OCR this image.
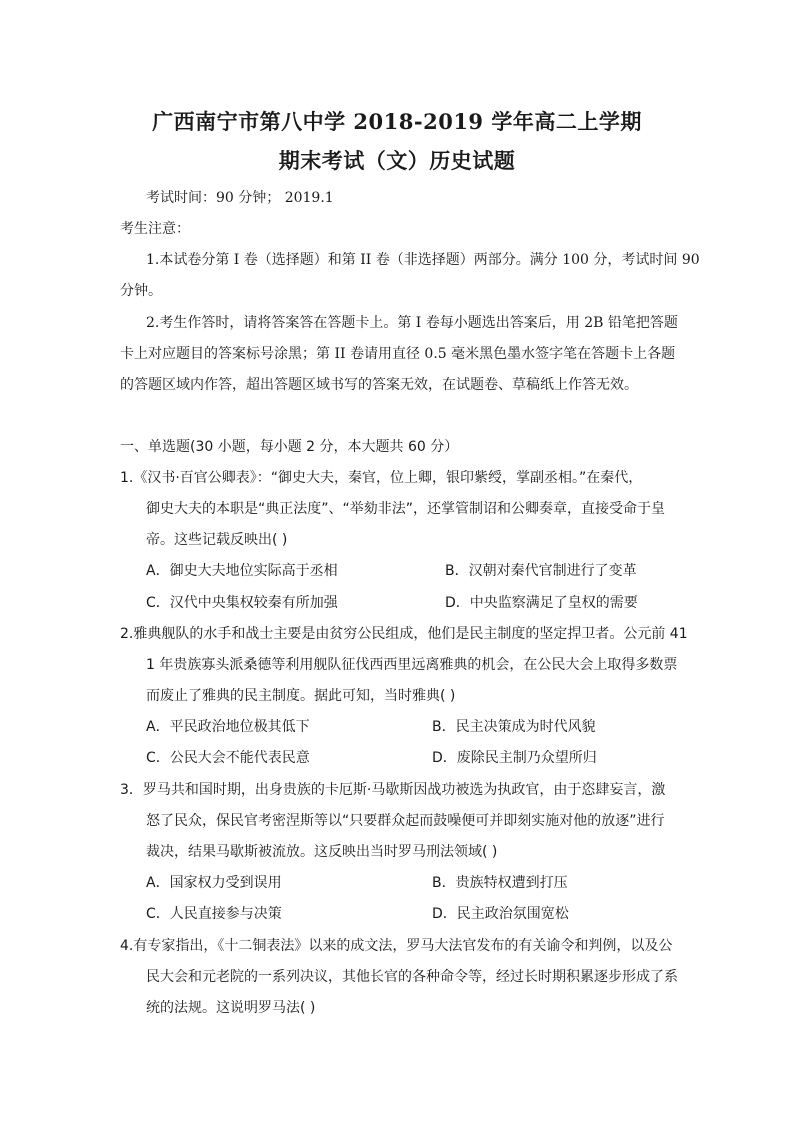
广西南宁市第八中学 2018-2019 学年高二上学期
期末考试（文）历史试题
考试时间：90 分钟； 2019.1
考生注意：
1.本试卷分第 I 卷（选择题）和第 II 卷（非选择题）两部分。满分 100 分，考试时间 90
分钟。
2.考生作答时，请将答案答在答题卡上。第 I 卷每小题选出答案后，用 2B 铅笔把答题
卡上对应题目的答案标号涂黑；第 II 卷请用直径 0.5 毫米黑色墨水签字笔在答题卡上各题
的答题区域内作答，超出答题区域书写的答案无效，在试题卷、草稿纸上作答无效。
一、单选题(30 小题，每小题 2 分，本大题共 60 分）
1.《汉书·百官公卿表》：“御史大夫，秦官，位上卿，银印紫绶，掌副丞相。”在秦代，
御史大夫的本职是“典正法度”、“举劾非法”，还掌管制诏和公卿奏章，直接受命于皇
帝。这些记载反映出( )
A．御史大夫地位实际高于丞相	B．汉朝对秦代官制进行了变革
C．汉代中央集权较秦有所加强	D．中央监察满足了皇权的需要
2.雅典舰队的水手和战士主要是由贫穷公民组成，他们是民主制度的坚定捍卫者。公元前 41
1 年贵族寡头派桑德等利用舰队征伐西西里远离雅典的机会，在公民大会上取得多数票
而废止了雅典的民主制度。据此可知，当时雅典( )
A．平民政治地位极其低下	B．民主决策成为时代风貌
C．公民大会不能代表民意	D．废除民主制乃众望所归
3．罗马共和国时期，出身贵族的卡厄斯·马歇斯因战功被选为执政官，由于恣肆妄言，激
怒了民众，保民官考密涅斯等以“只要群众起而鼓噪便可并即刻实施对他的放逐”进行
裁决，结果马歇斯被流放。这反映出当时罗马刑法领域( )
A．国家权力受到误用	B．贵族特权遭到打压
C．人民直接参与决策	D．民主政治氛围宽松
4.有专家指出，《十二铜表法》以来的成文法，罗马大法官发布的有关谕令和判例，以及公
民大会和元老院的一系列决议，其他长官的各种命令等，经过长时期积累逐步形成了系
统的法规。这说明罗马法( )
